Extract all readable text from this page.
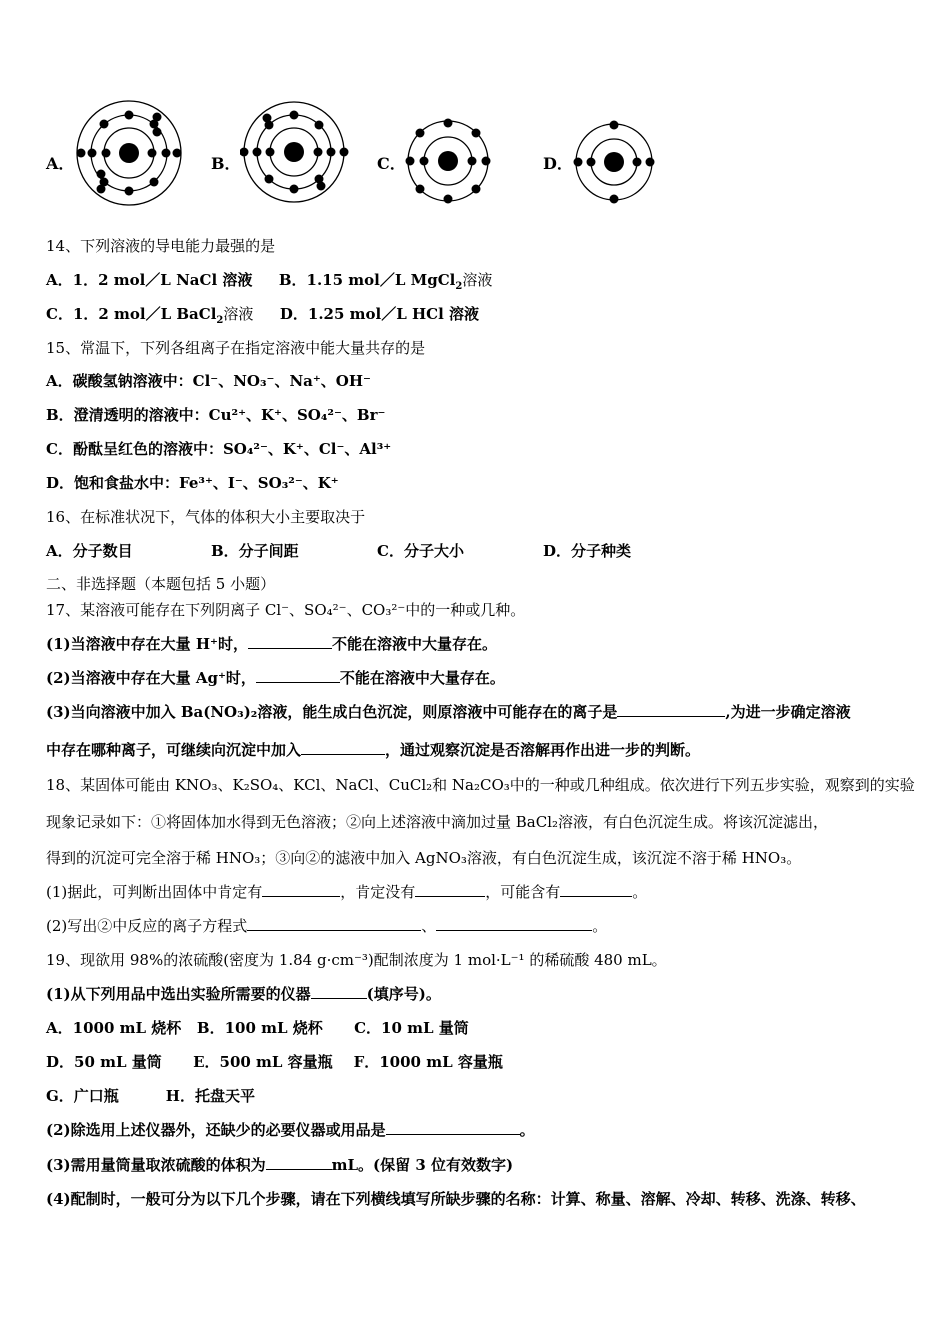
A．	B．	C．	D．
14、下列溶液的导电能力最强的是
A．1．2 mol／L NaCl 溶液 B．1.15 mol／L MgCl$_2$溶液
C．1．2 mol／L BaCl$_2$溶液 D．1.25 mol／L HCl 溶液
15、常温下，下列各组离子在指定溶液中能大量共存的是
A．碳酸氢钠溶液中：Cl⁻、NO₃⁻、Na⁺、OH⁻
B．澄清透明的溶液中：Cu²⁺、K⁺、SO₄²⁻、Br⁻
C．酚酞呈红色的溶液中：SO₄²⁻、K⁺、Cl⁻、Al³⁺
D．饱和食盐水中：Fe³⁺、I⁻、SO₃²⁻、K⁺
16、在标准状况下，气体的体积大小主要取决于
A．分子数目	B．分子间距	C．分子大小	D．分子种类
二、非选择题（本题包括 5 小题）
17、某溶液可能存在下列阴离子 Cl⁻、SO₄²⁻、CO₃²⁻中的一种或几种。
(1)当溶液中存在大量 H⁺时，	不能在溶液中大量存在。
(2)当溶液中存在大量 Ag⁺时，	不能在溶液中大量存在。
(3)当向溶液中加入 Ba(NO₃)₂溶液，能生成白色沉淀，则原溶液中可能存在的离子是	,为进一步确定溶液
中存在哪种离子，可继续向沉淀中加入	，通过观察沉淀是否溶解再作出进一步的判断。
18、某固体可能由 KNO₃、K₂SO₄、KCl、NaCl、CuCl₂和 Na₂CO₃中的一种或几种组成。依次进行下列五步实验，观察到的实验
现象记录如下：①将固体加水得到无色溶液；②向上述溶液中滴加过量 BaCl₂溶液，有白色沉淀生成。将该沉淀滤出，
得到的沉淀可完全溶于稀 HNO₃；③向②的滤液中加入 AgNO₃溶液，有白色沉淀生成，该沉淀不溶于稀 HNO₃。
(1)据此，可判断出固体中肯定有	，肯定没有	，可能含有	。
(2)写出②中反应的离子方程式	、	。
19、现欲用 98%的浓硫酸(密度为 1.84 g·cm⁻³)配制浓度为 1 mol·L⁻¹ 的稀硫酸 480 mL。
(1)从下列用品中选出实验所需要的仪器	(填序号)。
A．1000 mL 烧杯   B．100 mL 烧杯      C．10 mL 量筒
D．50 mL 量筒      E．500 mL 容量瓶    F．1000 mL 容量瓶
G．广口瓶         H．托盘天平
(2)除选用上述仪器外，还缺少的必要仪器或用品是	。
(3)需用量筒量取浓硫酸的体积为	mL。(保留 3 位有效数字)
(4)配制时，一般可分为以下几个步骤，请在下列横线填写所缺步骤的名称：计算、称量、溶解、冷却、转移、洗涤、转移、
